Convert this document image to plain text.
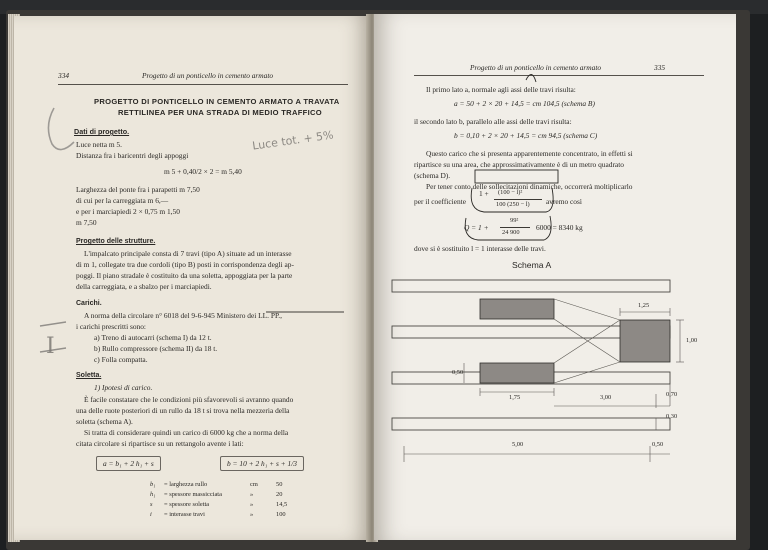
334	Progetto di un ponticello in cemento armato
PROGETTO DI PONTICELLO IN CEMENTO ARMATO A TRAVATA
RETTILINEA PER UNA STRADA DI MEDIO TRAFFICO
Dati di progetto.
Luce netta m 5.
Distanza fra i baricentri degli appoggi
m 5 + 0,40/2 × 2 = m 5,40
Larghezza del ponte fra i parapetti m 7,50
di cui per la carreggiata m 6,—
e per i marciapiedi 2 × 0,75 m 1,50
m 7,50
Progetto delle strutture.
L'impalcato principale consta di 7 travi (tipo A) situate ad un interasse
di m 1, collegate tra due cordoli (tipo B) posti in corrispondenza degli ap-
poggi. Il piano stradale è costituito da una soletta, appoggiata per la parte
della carreggiata, e a sbalzo per i marciapiedi.
Carichi.
A norma della circolare n° 6018 del 9-6-945 Ministero dei LL. PP.,
i carichi prescritti sono:
a) Treno di autocarri (schema I) da 12 t.
b) Rullo compressore (schema II) da 18 t.
c) Folla compatta.
Soletta.
1) Ipotesi di carico.
È facile constatare che le condizioni più sfavorevoli si avranno quando
una delle ruote posteriori di un rullo da 18 t si trova nella mezzeria della
soletta (schema A).
Si tratta di considerare quindi un carico di 6000 kg che a norma della
citata circolare si ripartisce su un rettangolo avente i lati:
a = b₁ + 2 h₁ + s	b = 10 + 2 h₁ + s + 1/3
b₁ = larghezza rullo	cm	50
h₁ = spessore massicciata	»	20
s = spessore soletta	»	14,5
i = interasse travi	»	100
Luce tot. + 5%
I
Progetto di un ponticello in cemento armato	335
Il primo lato a, normale agli assi delle travi risulta:
a = 50 + 2 × 20 + 14,5 = cm 104,5 (schema B)
il secondo lato b, parallelo alle assi delle travi risulta:
b = 0,10 + 2 × 20 + 14,5 = cm 94,5 (schema C)
Questo carico che si presenta apparentemente concentrato, in effetti si
ripartisce su una area, che approssimativamente è di un metro quadrato
(schema D).
Per tener conto delle sollecitazioni dinamiche, occorrerà moltiplicarlo
per il coefficiente
1 + (100 − l)²
100 (250 − l) avremo così
Q = 1 +
99²
24 900
6000 = 8340 kg
dove si è sostituito l = 1 interasse delle travi.
Schema A
1,25
1,00
0,50
1,75	3,00	0,70
0,30
5,00	0,50
